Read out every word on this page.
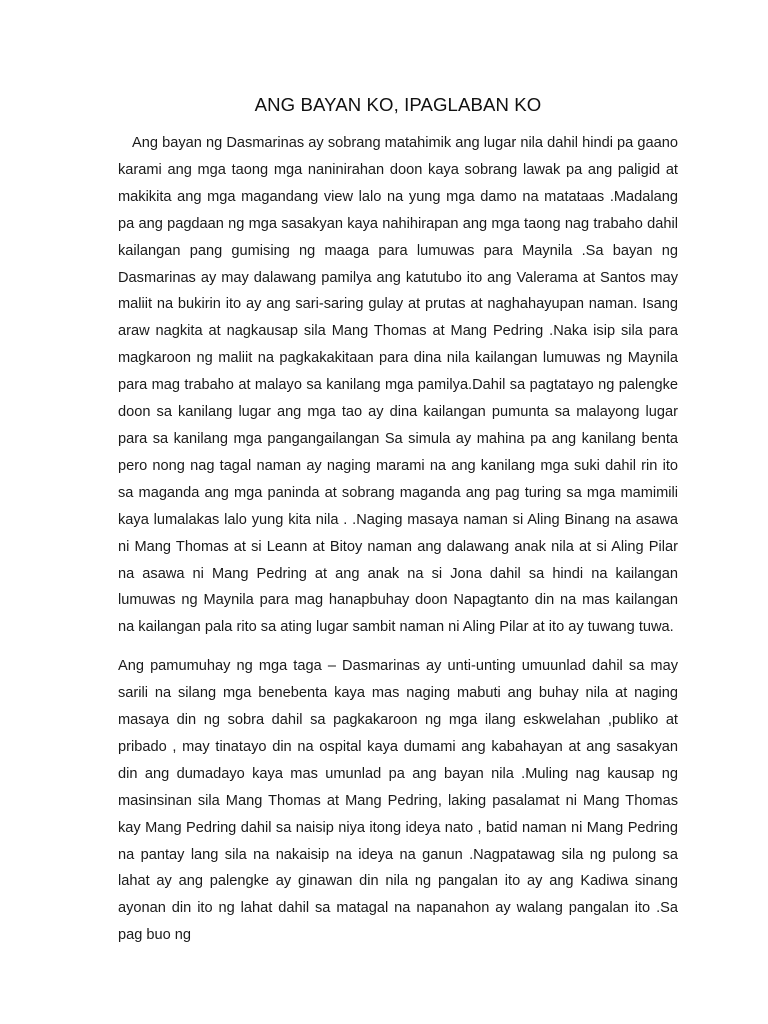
ANG BAYAN KO, IPAGLABAN KO

Ang bayan ng Dasmarinas ay sobrang matahimik ang lugar nila dahil hindi pa gaano karami ang mga taong mga naninirahan doon kaya sobrang lawak pa ang paligid at makikita ang mga magandang view lalo na yung mga damo na matataas .Madalang pa ang pagdaan ng mga sasakyan kaya nahihirapan ang mga taong nag trabaho dahil kailangan pang gumising ng maaga para lumuwas para Maynila .Sa bayan ng Dasmarinas ay may dalawang pamilya ang katutubo ito ang Valerama at Santos may maliit na bukirin ito ay ang sari-saring gulay at prutas at naghahayupan naman. Isang araw nagkita at nagkausap sila Mang Thomas at Mang Pedring .Naka isip sila para magkaroon ng maliit na pagkakakitaan para dina nila kailangan lumuwas ng Maynila para mag trabaho at malayo sa kanilang mga pamilya.Dahil sa pagtatayo ng palengke doon sa kanilang lugar ang mga tao ay dina kailangan pumunta sa malayong lugar para sa kanilang mga pangangailangan Sa simula ay mahina pa ang kanilang benta pero nong nag tagal naman ay naging marami na ang kanilang mga suki dahil rin ito sa maganda ang mga paninda at sobrang maganda ang pag turing sa mga mamimili kaya lumalakas lalo yung kita nila . .Naging masaya naman si Aling Binang na asawa ni Mang Thomas at si Leann at Bitoy naman ang dalawang anak nila at si Aling Pilar na asawa ni Mang Pedring at ang anak na si Jona dahil sa hindi na kailangan lumuwas ng Maynila para mag hanapbuhay doon Napagtanto din na mas kailangan na kailangan pala rito sa ating lugar sambit naman ni Aling Pilar at ito ay tuwang tuwa.

Ang pamumuhay ng mga taga – Dasmarinas ay unti-unting umuunlad dahil sa may sarili na silang mga benebenta kaya mas naging mabuti ang buhay nila at naging masaya din ng sobra dahil sa pagkakaroon ng mga ilang eskwelahan ,publiko at pribado , may tinatayo din na ospital kaya dumami ang kabahayan at ang sasakyan din ang dumadayo kaya mas umunlad pa ang bayan nila .Muling nag kausap ng masinsinan sila Mang Thomas at Mang Pedring, laking pasalamat ni Mang Thomas kay Mang Pedring dahil sa naisip niya itong ideya nato , batid naman ni Mang Pedring na pantay lang sila na nakaisip na ideya na ganun .Nagpatawag sila ng pulong sa lahat ay ang palengke ay ginawan din nila ng pangalan ito ay ang Kadiwa sinang ayonan din ito ng lahat dahil sa matagal na napanahon ay walang pangalan ito .Sa pag buo ng
